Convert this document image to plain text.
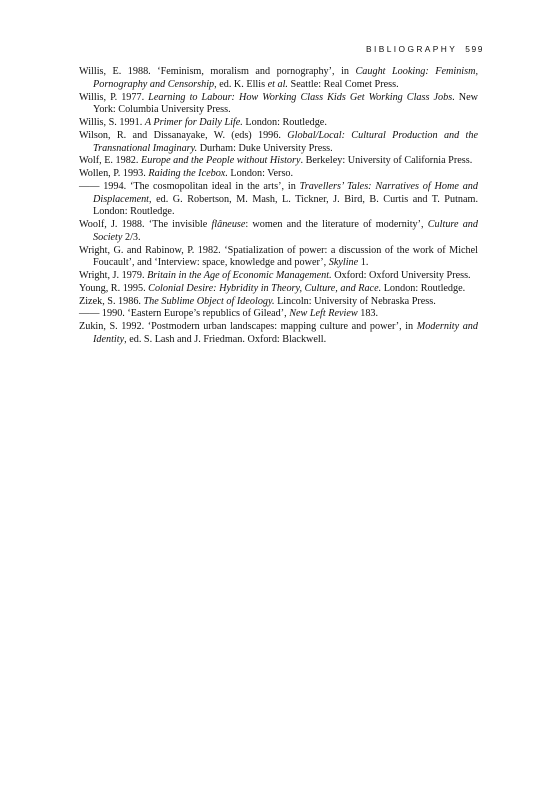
BIBLIOGRAPHY 599
Willis, E. 1988. ‘Feminism, moralism and pornography’, in Caught Looking: Feminism, Pornography and Censorship, ed. K. Ellis et al. Seattle: Real Comet Press.
Willis, P. 1977. Learning to Labour: How Working Class Kids Get Working Class Jobs. New York: Columbia University Press.
Willis, S. 1991. A Primer for Daily Life. London: Routledge.
Wilson, R. and Dissanayake, W. (eds) 1996. Global/Local: Cultural Production and the Transnational Imaginary. Durham: Duke University Press.
Wolf, E. 1982. Europe and the People without History. Berkeley: University of California Press.
Wollen, P. 1993. Raiding the Icebox. London: Verso.
—— 1994. ‘The cosmopolitan ideal in the arts’, in Travellers’ Tales: Narratives of Home and Displacement, ed. G. Robertson, M. Mash, L. Tickner, J. Bird, B. Curtis and T. Putnam. London: Routledge.
Woolf, J. 1988. ‘The invisible flâneuse: women and the literature of modernity’, Culture and Society 2/3.
Wright, G. and Rabinow, P. 1982. ‘Spatialization of power: a discussion of the work of Michel Foucault’, and ‘Interview: space, knowledge and power’, Skyline 1.
Wright, J. 1979. Britain in the Age of Economic Management. Oxford: Oxford University Press.
Young, R. 1995. Colonial Desire: Hybridity in Theory, Culture, and Race. London: Routledge.
Zizek, S. 1986. The Sublime Object of Ideology. Lincoln: University of Nebraska Press.
—— 1990. ‘Eastern Europe’s republics of Gilead’, New Left Review 183.
Zukin, S. 1992. ‘Postmodern urban landscapes: mapping culture and power’, in Modernity and Identity, ed. S. Lash and J. Friedman. Oxford: Blackwell.
